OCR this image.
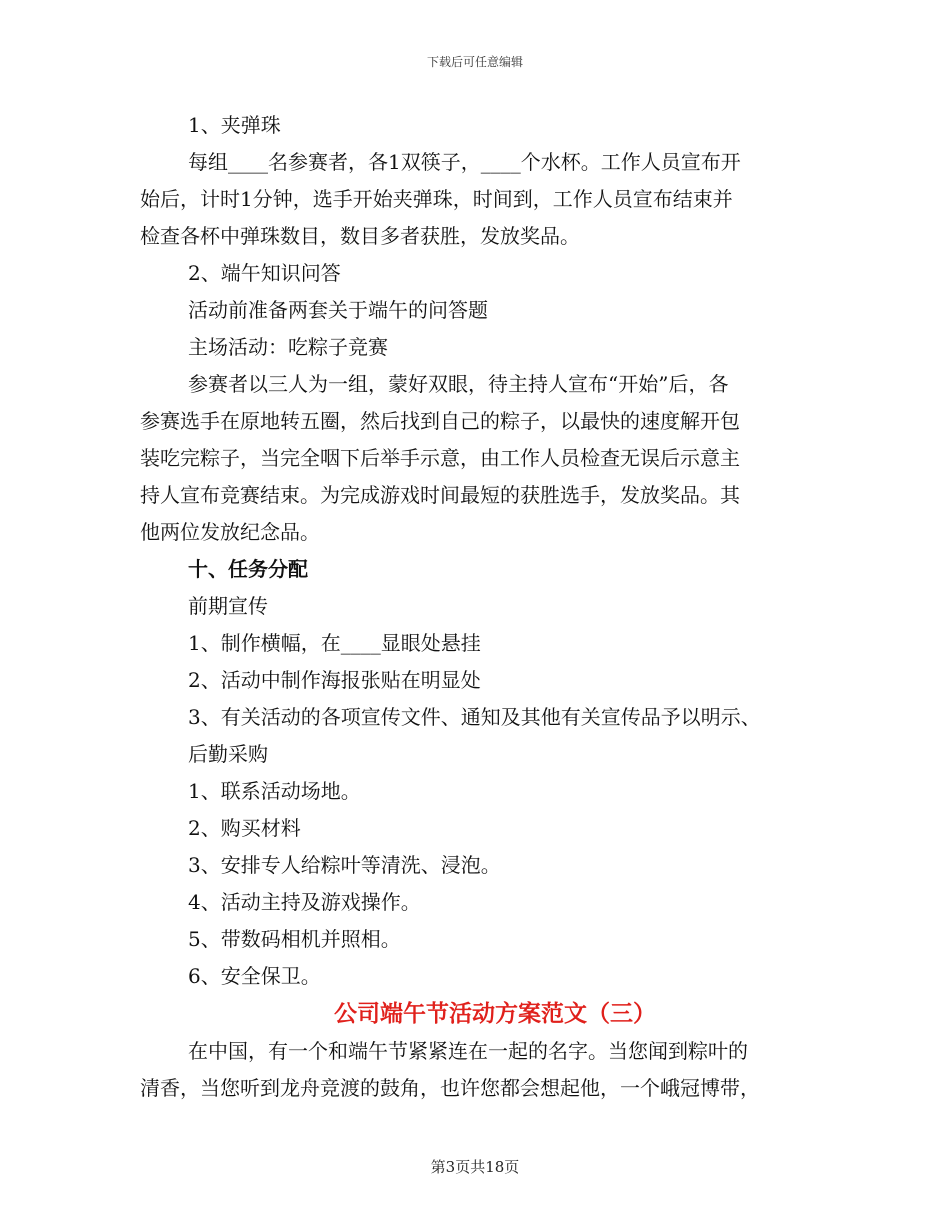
下载后可任意编辑
1、夹弹珠
每组____名参赛者，各1双筷子，____个水杯。工作人员宣布开
始后，计时1分钟，选手开始夹弹珠，时间到，工作人员宣布结束并
检查各杯中弹珠数目，数目多者获胜，发放奖品。
2、端午知识问答
活动前准备两套关于端午的问答题
主场活动：吃粽子竞赛
参赛者以三人为一组，蒙好双眼，待主持人宣布“开始”后，各
参赛选手在原地转五圈，然后找到自己的粽子，以最快的速度解开包
装吃完粽子，当完全咽下后举手示意，由工作人员检查无误后示意主
持人宣布竞赛结束。为完成游戏时间最短的获胜选手，发放奖品。其
他两位发放纪念品。
十、任务分配
前期宣传
1、制作横幅，在____显眼处悬挂
2、活动中制作海报张贴在明显处
3、有关活动的各项宣传文件、通知及其他有关宣传品予以明示、
后勤采购
1、联系活动场地。
2、购买材料
3、安排专人给粽叶等清洗、浸泡。
4、活动主持及游戏操作。
5、带数码相机并照相。
6、安全保卫。
公司端午节活动方案范文（三）
在中国，有一个和端午节紧紧连在一起的名字。当您闻到粽叶的
清香，当您听到龙舟竞渡的鼓角，也许您都会想起他，一个峨冠博带，
第3页共18页
